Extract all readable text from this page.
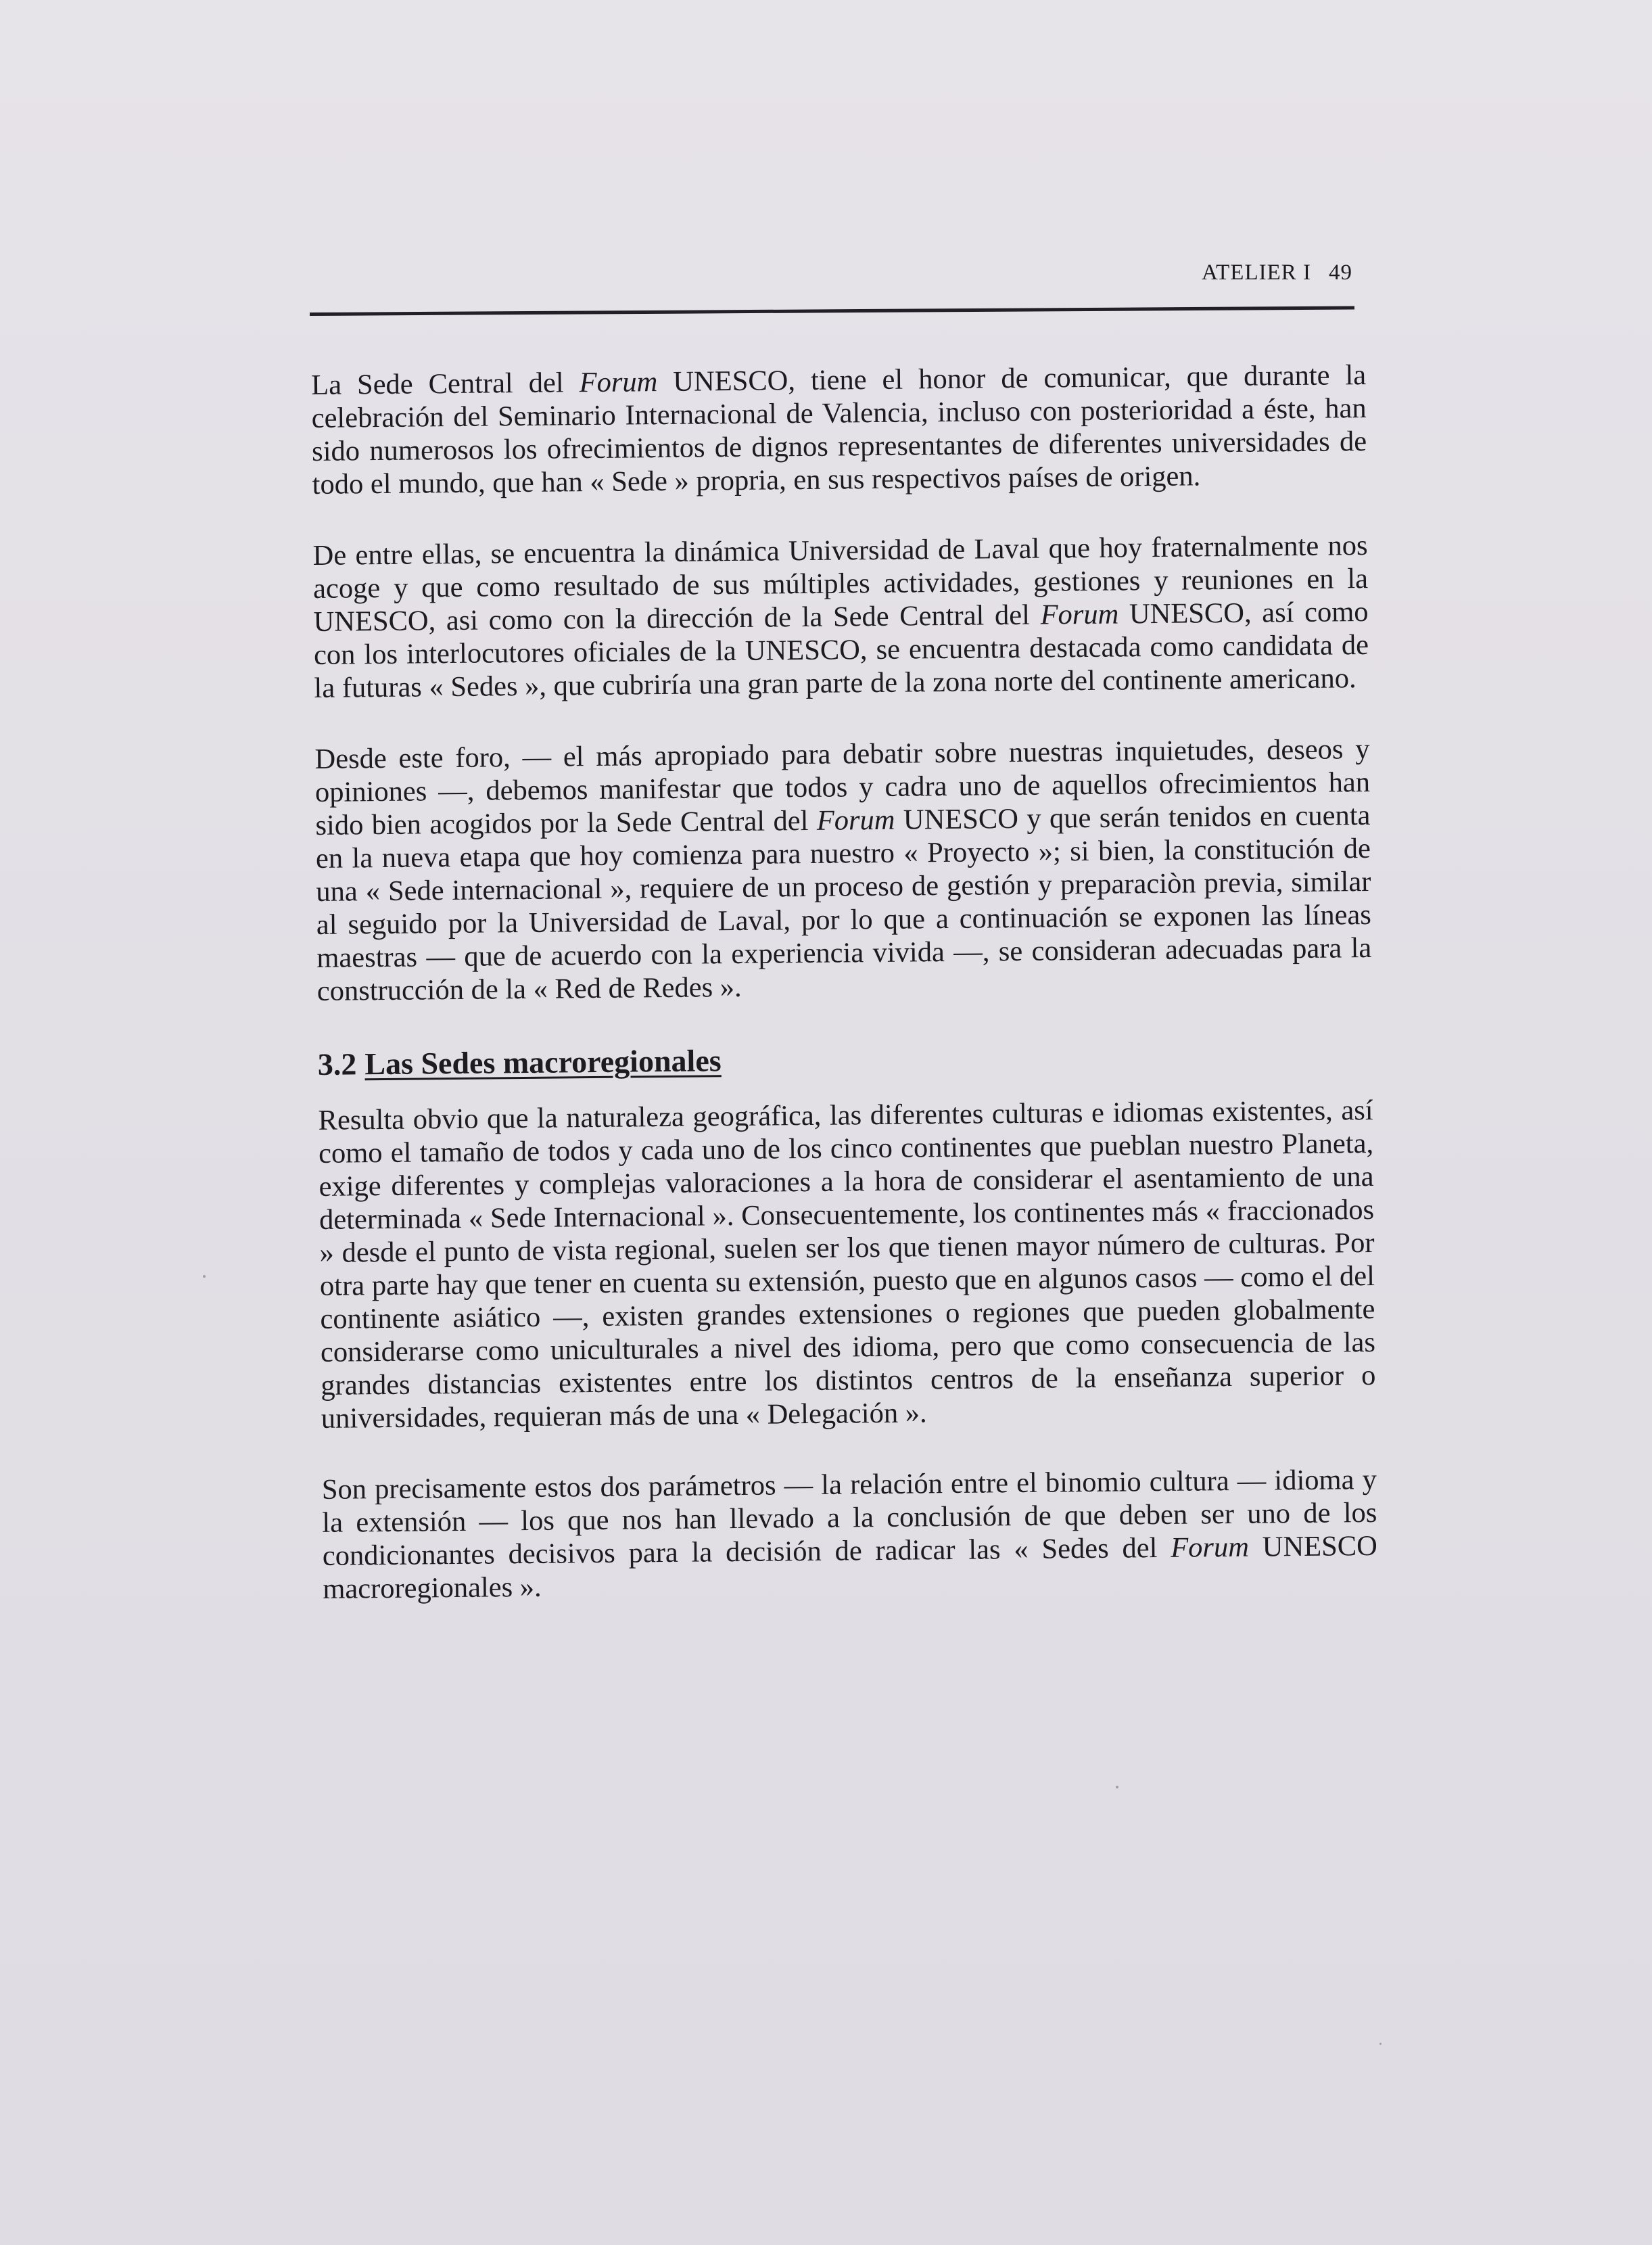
ATELIER I 49

La Sede Central del Forum UNESCO, tiene el honor de comunicar, que durante la celebración del Seminario Internacional de Valencia, incluso con posterioridad a éste, han sido numerosos los ofrecimientos de dignos representantes de diferentes universidades de todo el mundo, que han « Sede » propria, en sus respectivos países de origen.

De entre ellas, se encuentra la dinámica Universidad de Laval que hoy fraternalmente nos acoge y que como resultado de sus múltiples actividades, gestiones y reuniones en la UNESCO, asi como con la dirección de la Sede Central del Forum UNESCO, así como con los interlocutores oficiales de la UNESCO, se encuentra destacada como candidata de la futuras « Sedes », que cubriría una gran parte de la zona norte del continente americano.

Desde este foro, — el más apropiado para debatir sobre nuestras inquietudes, deseos y opiniones —, debemos manifestar que todos y cadra uno de aquellos ofrecimientos han sido bien acogidos por la Sede Central del Forum UNESCO y que serán tenidos en cuenta en la nueva etapa que hoy comienza para nuestro « Proyecto »; si bien, la constitución de una « Sede internacional », requiere de un proceso de gestión y preparaciòn previa, similar al seguido por la Universidad de Laval, por lo que a continuación se exponen las líneas maestras — que de acuerdo con la experiencia vivida —, se consideran adecuadas para la construcción de la « Red de Redes ».

3.2 Las Sedes macroregionales

Resulta obvio que la naturaleza geográfica, las diferentes culturas e idiomas existentes, así como el tamaño de todos y cada uno de los cinco continentes que pueblan nuestro Planeta, exige diferentes y complejas valoraciones a la hora de considerar el asentamiento de una determinada « Sede Internacional ». Consecuentemente, los continentes más « fraccionados » desde el punto de vista regional, suelen ser los que tienen mayor número de culturas. Por otra parte hay que tener en cuenta su extensión, puesto que en algunos casos — como el del continente asiático —, existen grandes extensiones o regiones que pueden globalmente considerarse como uniculturales a nivel des idioma, pero que como consecuencia de las grandes distancias existentes entre los distintos centros de la enseñanza superior o universidades, requieran más de una « Delegación ».

Son precisamente estos dos parámetros — la relación entre el binomio cultura — idioma y la extensión — los que nos han llevado a la conclusión de que deben ser uno de los condicionantes decisivos para la decisión de radicar las « Sedes del Forum UNESCO macroregionales ».
